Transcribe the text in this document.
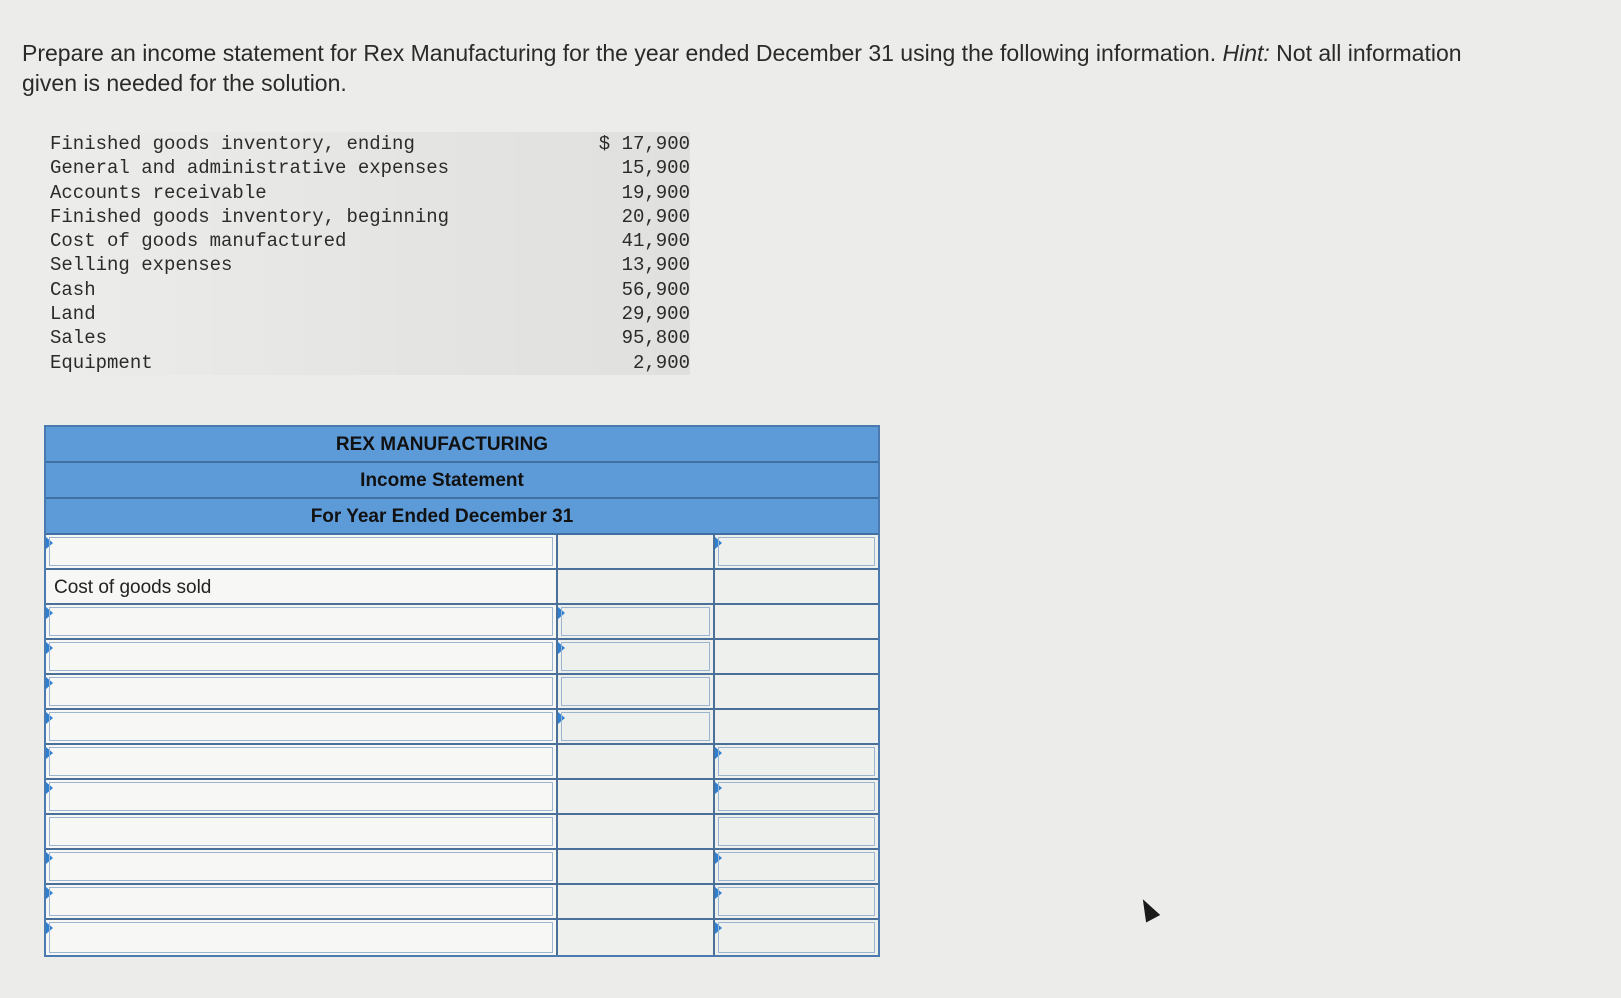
Prepare an income statement for Rex Manufacturing for the year ended December 31 using the following information. Hint: Not all information given is needed for the solution.
Finished goods inventory, ending	$ 17,900
General and administrative expenses	15,900
Accounts receivable	19,900
Finished goods inventory, beginning	20,900
Cost of goods manufactured	41,900
Selling expenses	13,900
Cash	56,900
Land	29,900
Sales	95,800
Equipment	2,900
REX MANUFACTURING
Income Statement
For Year Ended December 31
Cost of goods sold
